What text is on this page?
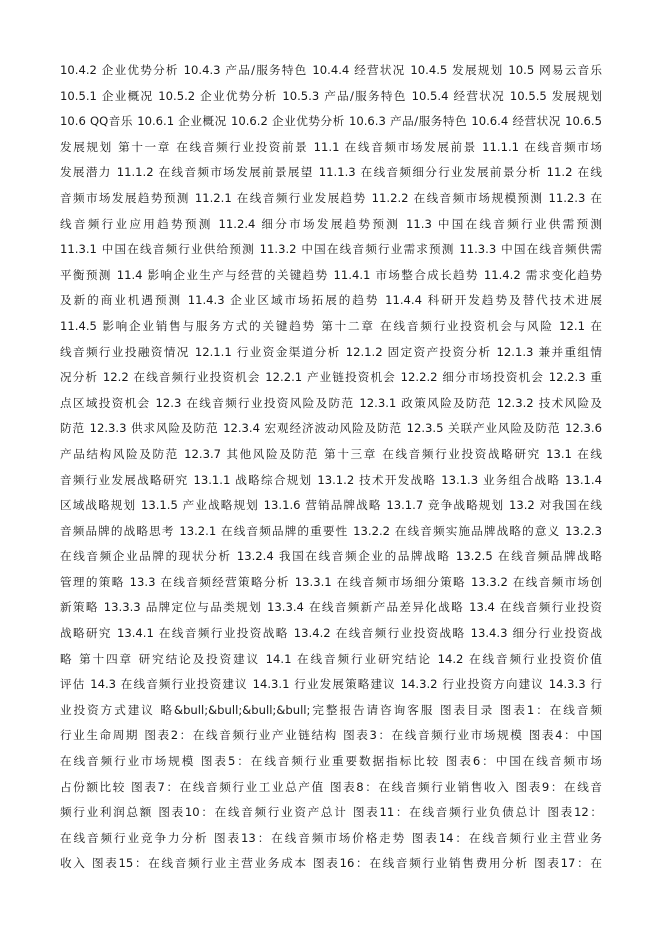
10.4.2 企业优势分析 10.4.3 产品/服务特色 10.4.4 经营状况 10.4.5 发展规划 10.5 网易云音乐
10.5.1 企业概况 10.5.2 企业优势分析 10.5.3 产品/服务特色 10.5.4 经营状况 10.5.5 发展规划
10.6 QQ音乐 10.6.1 企业概况 10.6.2 企业优势分析 10.6.3 产品/服务特色 10.6.4 经营状况 10.6.5
发展规划 第十一章 在线音频行业投资前景 11.1 在线音频市场发展前景 11.1.1 在线音频市场
发展潜力 11.1.2 在线音频市场发展前景展望 11.1.3 在线音频细分行业发展前景分析 11.2 在线
音频市场发展趋势预测 11.2.1 在线音频行业发展趋势 11.2.2 在线音频市场规模预测 11.2.3 在
线音频行业应用趋势预测 11.2.4 细分市场发展趋势预测 11.3 中国在线音频行业供需预测
11.3.1 中国在线音频行业供给预测 11.3.2 中国在线音频行业需求预测 11.3.3 中国在线音频供需
平衡预测 11.4 影响企业生产与经营的关键趋势 11.4.1 市场整合成长趋势 11.4.2 需求变化趋势
及新的商业机遇预测 11.4.3 企业区域市场拓展的趋势 11.4.4 科研开发趋势及替代技术进展
11.4.5 影响企业销售与服务方式的关键趋势 第十二章 在线音频行业投资机会与风险 12.1 在
线音频行业投融资情况 12.1.1 行业资金渠道分析 12.1.2 固定资产投资分析 12.1.3 兼并重组情
况分析 12.2 在线音频行业投资机会 12.2.1 产业链投资机会 12.2.2 细分市场投资机会 12.2.3 重
点区域投资机会 12.3 在线音频行业投资风险及防范 12.3.1 政策风险及防范 12.3.2 技术风险及
防范 12.3.3 供求风险及防范 12.3.4 宏观经济波动风险及防范 12.3.5 关联产业风险及防范 12.3.6
产品结构风险及防范 12.3.7 其他风险及防范 第十三章 在线音频行业投资战略研究 13.1 在线
音频行业发展战略研究 13.1.1 战略综合规划 13.1.2 技术开发战略 13.1.3 业务组合战略 13.1.4
区域战略规划 13.1.5 产业战略规划 13.1.6 营销品牌战略 13.1.7 竞争战略规划 13.2 对我国在线
音频品牌的战略思考 13.2.1 在线音频品牌的重要性 13.2.2 在线音频实施品牌战略的意义 13.2.3
在线音频企业品牌的现状分析 13.2.4 我国在线音频企业的品牌战略 13.2.5 在线音频品牌战略
管理的策略 13.3 在线音频经营策略分析 13.3.1 在线音频市场细分策略 13.3.2 在线音频市场创
新策略 13.3.3 品牌定位与品类规划 13.3.4 在线音频新产品差异化战略 13.4 在线音频行业投资
战略研究 13.4.1 在线音频行业投资战略 13.4.2 在线音频行业投资战略 13.4.3 细分行业投资战
略 第十四章 研究结论及投资建议 14.1 在线音频行业研究结论 14.2 在线音频行业投资价值
评估 14.3 在线音频行业投资建议 14.3.1 行业发展策略建议 14.3.2 行业投资方向建议 14.3.3 行
业投资方式建议 略&bull;&bull;&bull;&bull;完整报告请咨询客服 图表目录 图表1：在线音频
行业生命周期 图表2：在线音频行业产业链结构 图表3：在线音频行业市场规模 图表4：中国
在线音频行业市场规模 图表5：在线音频行业重要数据指标比较 图表6：中国在线音频市场
占份额比较 图表7：在线音频行业工业总产值 图表8：在线音频行业销售收入 图表9：在线音
频行业利润总额 图表10：在线音频行业资产总计 图表11：在线音频行业负债总计 图表12：
在线音频行业竞争力分析 图表13：在线音频市场价格走势 图表14：在线音频行业主营业务
收入 图表15：在线音频行业主营业务成本 图表16：在线音频行业销售费用分析 图表17：在
